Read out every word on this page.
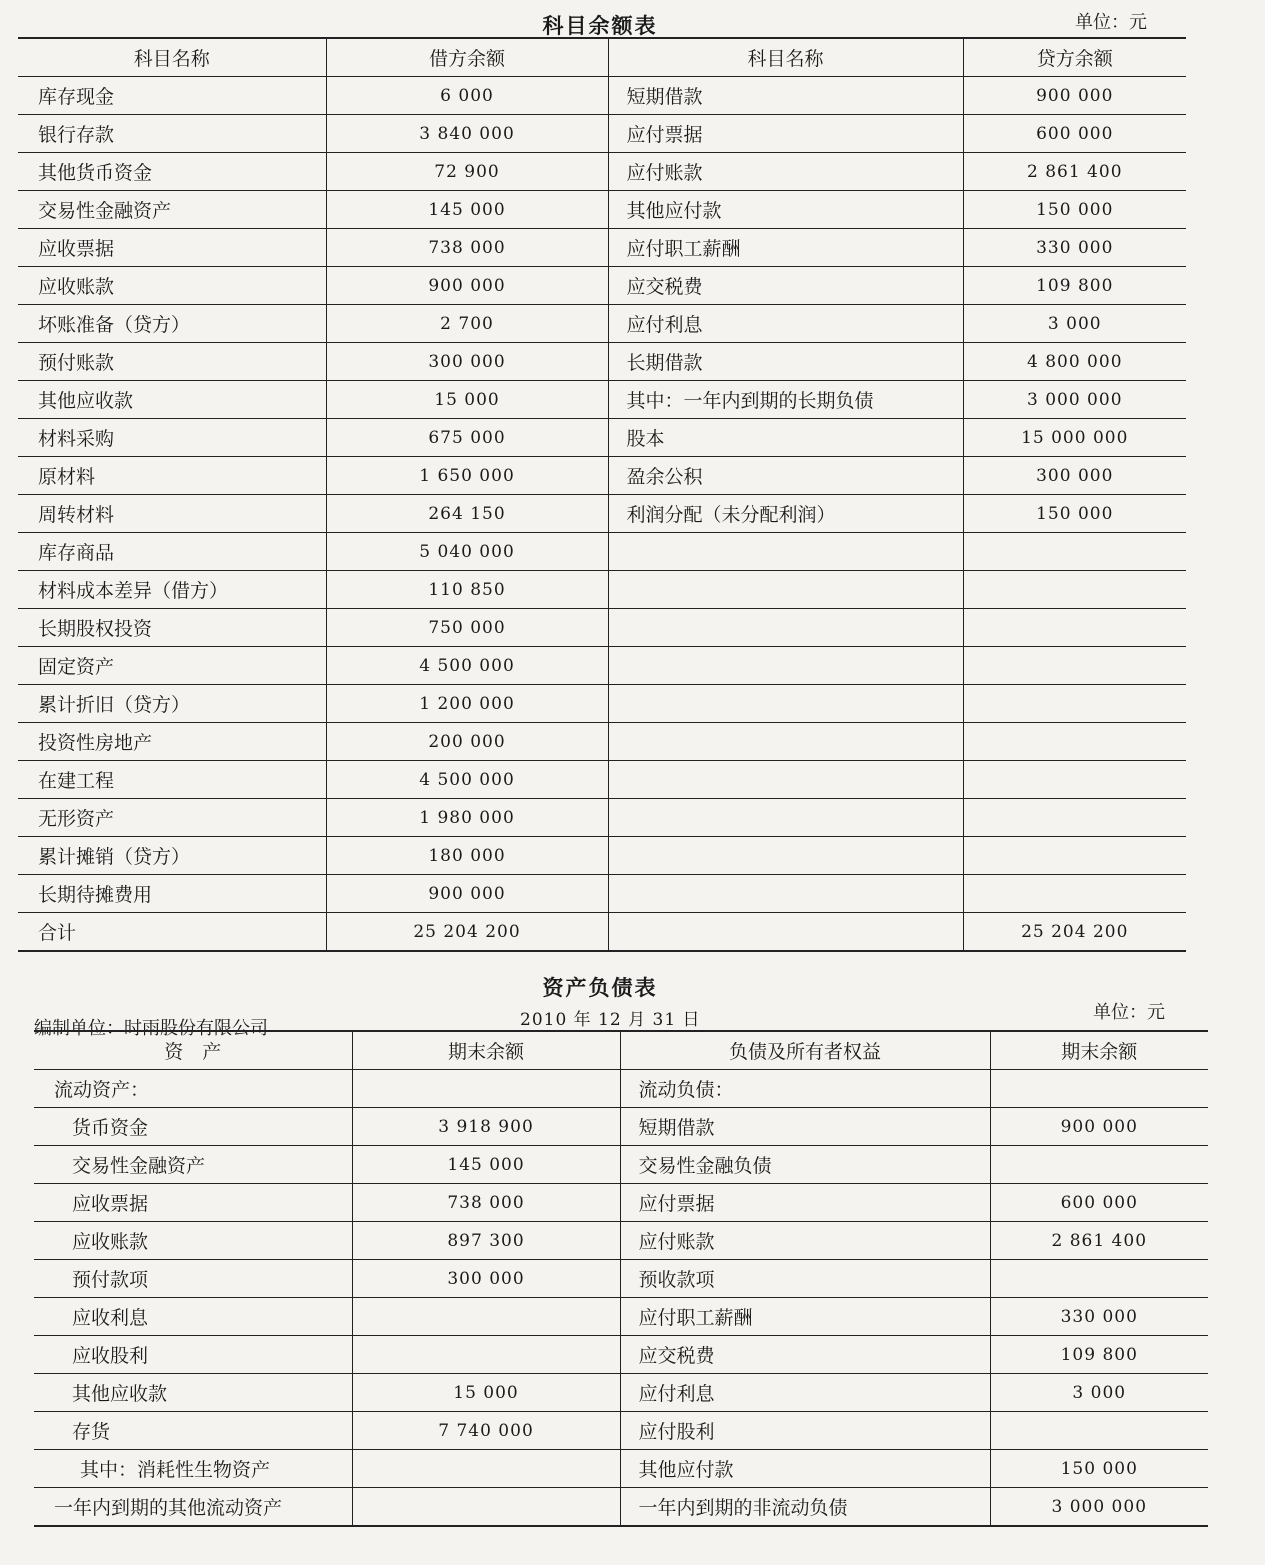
科目余额表	单位：元
科目名称	借方余额	科目名称	贷方余额
库存现金	6 000	短期借款	900 000
银行存款	3 840 000	应付票据	600 000
其他货币资金	72 900	应付账款	2 861 400
交易性金融资产	145 000	其他应付款	150 000
应收票据	738 000	应付职工薪酬	330 000
应收账款	900 000	应交税费	109 800
坏账准备（贷方）	2 700	应付利息	3 000
预付账款	300 000	长期借款	4 800 000
其他应收款	15 000	其中：一年内到期的长期负债	3 000 000
材料采购	675 000	股本	15 000 000
原材料	1 650 000	盈余公积	300 000
周转材料	264 150	利润分配（未分配利润）	150 000
库存商品	5 040 000		
材料成本差异（借方）	110 850		
长期股权投资	750 000		
固定资产	4 500 000		
累计折旧（贷方）	1 200 000		
投资性房地产	200 000		
在建工程	4 500 000		
无形资产	1 980 000		
累计摊销（贷方）	180 000		
长期待摊费用	900 000		
合计	25 204 200		25 204 200
资产负债表
编制单位：时雨股份有限公司	2010 年 12 月 31 日	单位：元
资　产	期末余额	负债及所有者权益	期末余额
流动资产：		流动负债：	
货币资金	3 918 900	短期借款	900 000
交易性金融资产	145 000	交易性金融负债	
应收票据	738 000	应付票据	600 000
应收账款	897 300	应付账款	2 861 400
预付款项	300 000	预收款项	
应收利息		应付职工薪酬	330 000
应收股利		应交税费	109 800
其他应收款	15 000	应付利息	3 000
存货	7 740 000	应付股利	
其中：消耗性生物资产		其他应付款	150 000
一年内到期的其他流动资产		一年内到期的非流动负债	3 000 000
